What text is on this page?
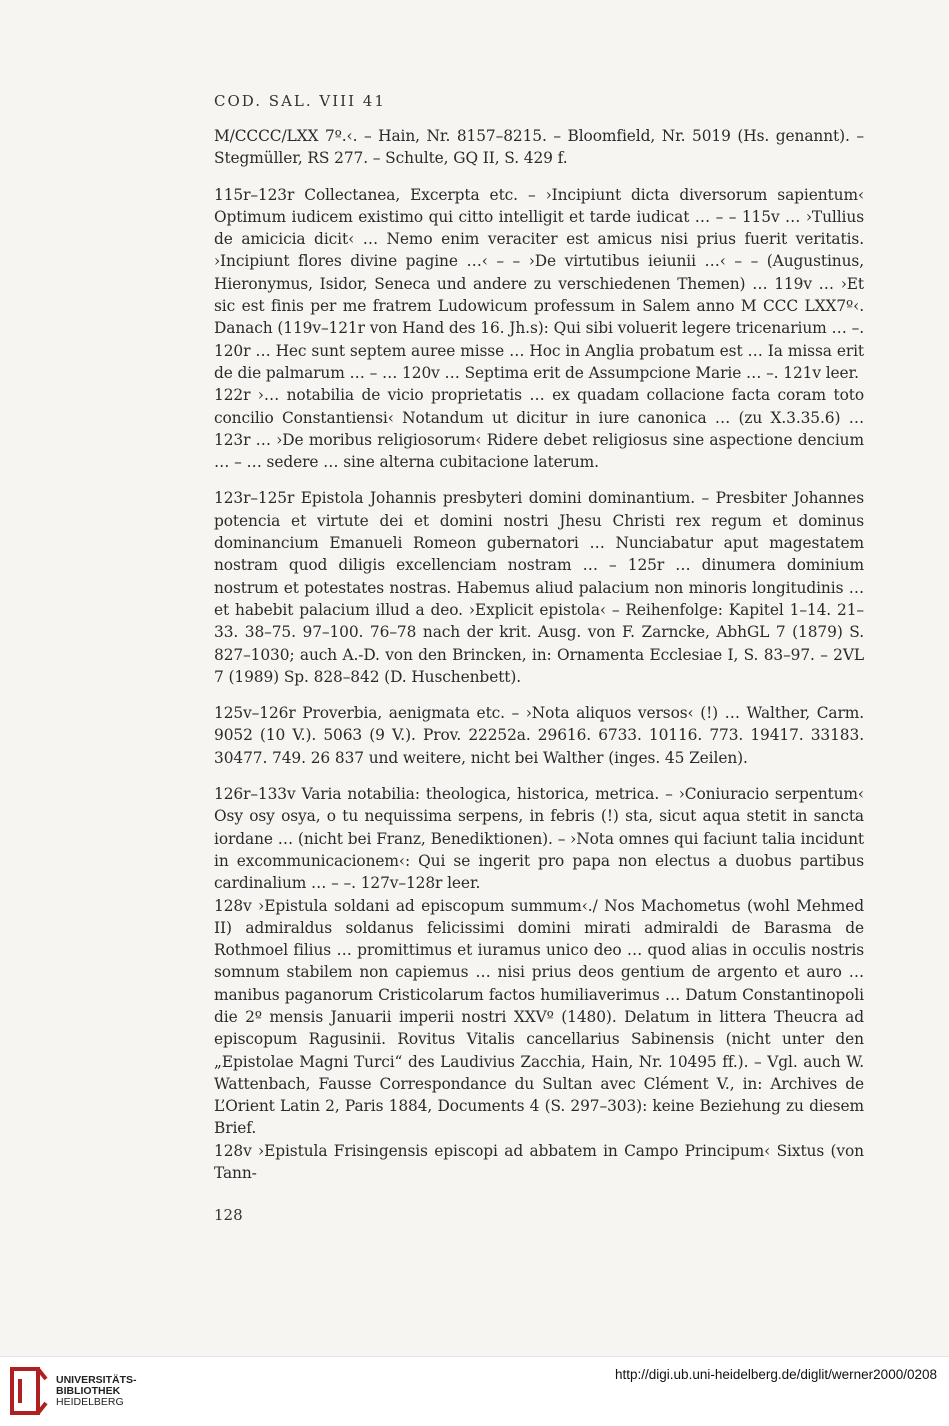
COD. SAL. VIII 41

M/CCCC/LXX 7º.‹. – Hain, Nr. 8157–8215. – Bloomfield, Nr. 5019 (Hs. genannt). – Stegmüller, RS 277. – Schulte, GQ II, S. 429 f.

115r–123r Collectanea, Excerpta etc. – ›Incipiunt dicta diversorum sapientum‹ Optimum iudicem existimo qui citto intelligit et tarde iudicat … – – 115v … ›Tullius de amicicia dicit‹ … Nemo enim veraciter est amicus nisi prius fuerit veritatis. ›Incipiunt flores divine pagine …‹ – – ›De virtutibus ieiunii …‹ – – (Augustinus, Hieronymus, Isidor, Seneca und andere zu verschiedenen Themen) … 119v … ›Et sic est finis per me fratrem Ludowicum professum in Salem anno M CCC LXX7º‹. Danach (119v–121r von Hand des 16. Jh.s): Qui sibi voluerit legere tricenarium … –. 120r … Hec sunt septem auree misse … Hoc in Anglia probatum est … Ia missa erit de die palmarum … – … 120v … Septima erit de Assumpcione Marie … –. 121v leer.

122r ›… notabilia de vicio proprietatis … ex quadam collacione facta coram toto concilio Constantiensi‹ Notandum ut dicitur in iure canonica … (zu X.3.35.6) … 123r … ›De moribus religiosorum‹ Ridere debet religiosus sine aspectione dencium … – … sedere … sine alterna cubitacione laterum.

123r–125r Epistola Johannis presbyteri domini dominantium. – Presbiter Johannes potencia et virtute dei et domini nostri Jhesu Christi rex regum et dominus dominancium Emanueli Romeon gubernatori … Nunciabatur aput magestatem nostram quod diligis excellenciam nostram … – 125r … dinumera dominium nostrum et potestates nostras. Habemus aliud palacium non minoris longitudinis … et habebit palacium illud a deo. ›Explicit epistola‹ – Reihenfolge: Kapitel 1–14. 21–33. 38–75. 97–100. 76–78 nach der krit. Ausg. von F. Zarncke, AbhGL 7 (1879) S. 827–1030; auch A.-D. von den Brincken, in: Ornamenta Ecclesiae I, S. 83–97. – 2VL 7 (1989) Sp. 828–842 (D. Huschenbett).

125v–126r Proverbia, aenigmata etc. – ›Nota aliquos versos‹ (!) … Walther, Carm. 9052 (10 V.). 5063 (9 V.). Prov. 22252a. 29616. 6733. 10116. 773. 19417. 33183. 30477. 749. 26 837 und weitere, nicht bei Walther (inges. 45 Zeilen).

126r–133v Varia notabilia: theologica, historica, metrica. – ›Coniuracio serpentum‹ Osy osy osya, o tu nequissima serpens, in febris (!) sta, sicut aqua stetit in sancta iordane … (nicht bei Franz, Benediktionen). – ›Nota omnes qui faciunt talia incidunt in excommunicacionem‹: Qui se ingerit pro papa non electus a duobus partibus cardinalium … – –. 127v–128r leer.

128v ›Epistula soldani ad episcopum summum‹./ Nos Machometus (wohl Mehmed II) admiraldus soldanus felicissimi domini mirati admiraldi de Barasma de Rothmoel filius … promittimus et iuramus unico deo … quod alias in occulis nostris somnum stabilem non capiemus … nisi prius deos gentium de argento et auro … manibus paganorum Cristicolarum factos humiliaverimus … Datum Constantinopoli die 2º mensis Januarii imperii nostri XXVº (1480). Delatum in littera Theucra ad episcopum Ragusinii. Rovitus Vitalis cancellarius Sabinensis (nicht unter den „Epistolae Magni Turci“ des Laudivius Zacchia, Hain, Nr. 10495 ff.). – Vgl. auch W. Wattenbach, Fausse Correspondance du Sultan avec Clément V., in: Archives de L’Orient Latin 2, Paris 1884, Documents 4 (S. 297–303): keine Beziehung zu diesem Brief.

128v ›Epistula Frisingensis episcopi ad abbatem in Campo Principum‹ Sixtus (von Tann-

128
UNIVERSITÄTS-
BIBLIOTHEK
HEIDELBERG
http://digi.ub.uni-heidelberg.de/diglit/werner2000/0208
